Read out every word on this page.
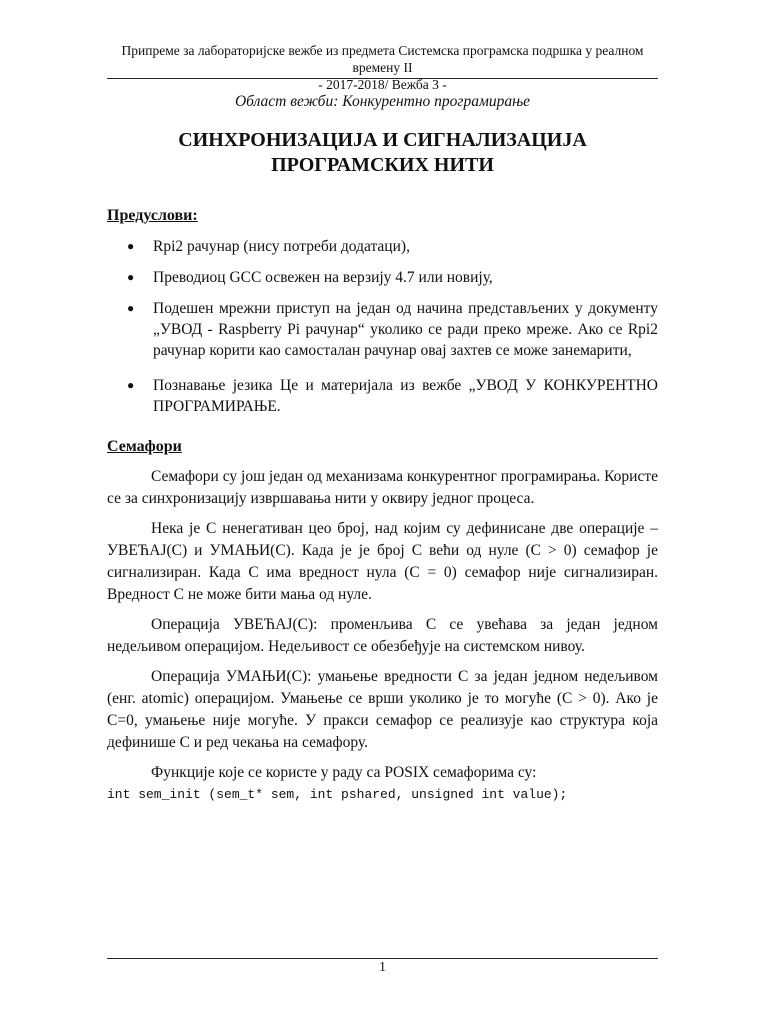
Припреме за лабораторијске вежбе из предмета Системска програмска подршка у реалном времену II
- 2017-2018/ Вежба 3 -
Област вежби: Конкурентно програмирање
СИНХРОНИЗАЦИЈА И СИГНАЛИЗАЦИЈА
ПРОГРАМСКИХ НИТИ
Предуслови:
● Rpi2 рачунар (нису потреби додатаци),
● Преводиоц GCC освежен на верзију 4.7 или новију,
● Подешен мрежни приступ на један од начина представљених у документу „УВОД - Raspberry Pi рачунар“ уколико се ради преко мреже. Ако се Rpi2 рачунар корити као самосталан рачунар овај захтев се може занемарити,
● Познавање језика Це и материјала из вежбе „УВОД У КОНКУРЕНТНО ПРОГРАМИРАЊЕ.
Семафори

Семафори су још један од механизама конкурентног програмирања. Користе се за синхронизацију извршавања нити у оквиру једног процеса.

Нека је С ненегативан цео број, над којим су дефинисане две операције – УВЕЋАЈ(С) и УМАЊИ(С). Када је је број С већи од нуле (С > 0) семафор је сигнализиран. Када С има вредност нула (С = 0) семафор није сигнализиран. Вредност С не може бити мања од нуле.

Операција УВЕЋАЈ(С): променљива С се увећава за један једном недељивом операцијом. Недељивост се обезбеђује на системском нивоу.

Операција УМАЊИ(С): умањење вредности С за један једном недељивом (енг. atomic) операцијом. Умањење се врши уколико је то могуће (С > 0). Ако је С=0, умањење није могуће. У пракси семафор се реализује као структура која дефинише С и ред чекања на семафору.

Функције које се користе у раду са POSIX семафорима су:

int sem_init (sem_t* sem, int pshared, unsigned int value);

1
